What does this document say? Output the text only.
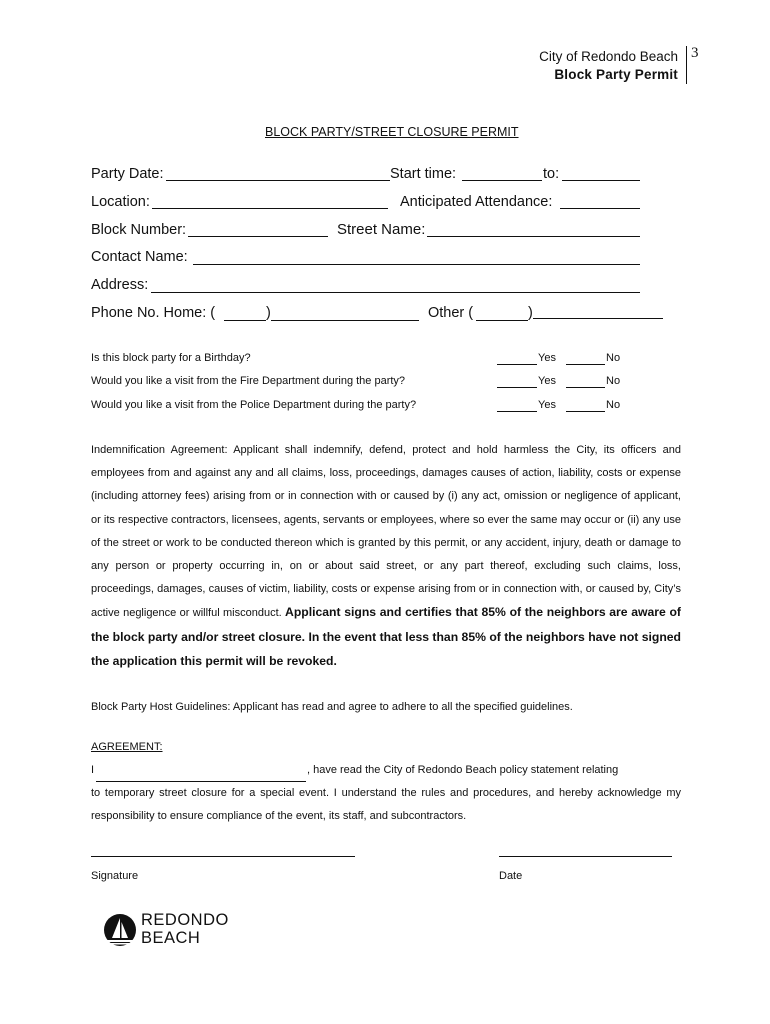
City of Redondo Beach
Block Party Permit
3
BLOCK PARTY/STREET CLOSURE PERMIT
Party Date:	Start time:	to:
Location:	Anticipated Attendance:
Block Number:	Street Name:
Contact Name:
Address:
Phone No. Home: (	)	Other (	)
Is this block party for a Birthday?	Yes	No
Would you like a visit from the Fire Department during the party?	Yes	No
Would you like a visit from the Police Department during the party?	Yes	No

Indemnification Agreement: Applicant shall indemnify, defend, protect and hold harmless the City, its officers and employees from and against any and all claims, loss, proceedings, damages causes of action, liability, costs or expense (including attorney fees) arising from or in connection with or caused by (i) any act, omission or negligence of applicant, or its respective contractors, licensees, agents, servants or employees, where so ever the same may occur or (ii) any use of the street or work to be conducted thereon which is granted by this permit, or any accident, injury, death or damage to any person or property occurring in, on or about said street, or any part thereof, excluding such claims, loss, proceedings, damages, causes of victim, liability, costs or expense arising from or in connection with, or caused by, City’s active negligence or willful misconduct. Applicant signs and certifies that 85% of the neighbors are aware of the block party and/or street closure. In the event that less than 85% of the neighbors have not signed the application this permit will be revoked.

Block Party Host Guidelines: Applicant has read and agree to adhere to all the specified guidelines.
AGREEMENT:
I	, have read the City of Redondo Beach policy statement relating

to temporary street closure for a special event. I understand the rules and procedures, and hereby acknowledge my responsibility to ensure compliance of the event, its staff, and subcontractors.

Signature	Date
REDONDO
BEACH
